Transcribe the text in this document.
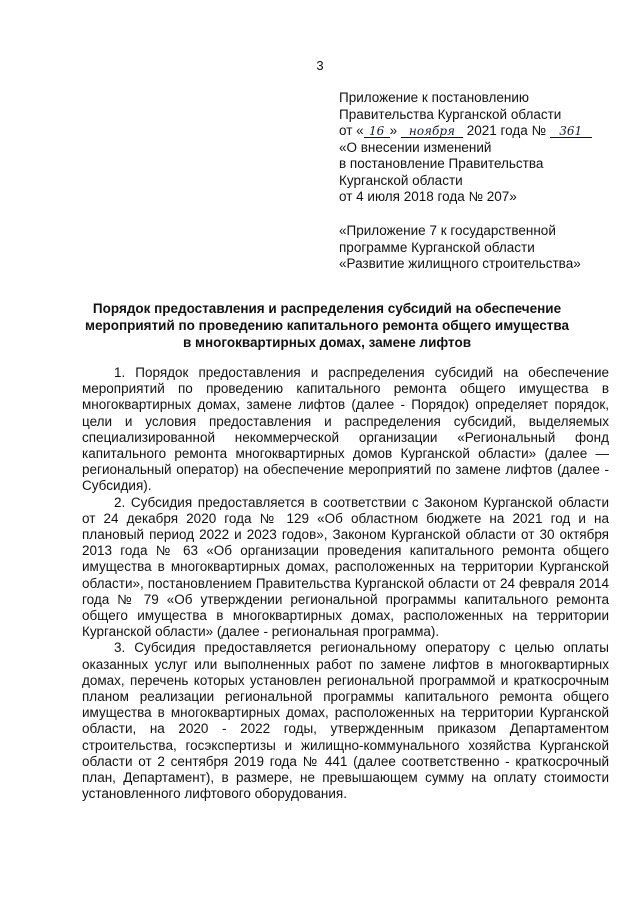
3
Приложение к постановлению
Правительства Курганской области
от « 16 » ноября 2021 года № 361
«О внесении изменений
в постановление Правительства
Курганской области
от 4 июля 2018 года № 207»
«Приложение 7 к государственной
программе Курганской области
«Развитие жилищного строительства»
Порядок предоставления и распределения субсидий на обеспечение мероприятий по проведению капитального ремонта общего имущества в многоквартирных домах, замене лифтов

1. Порядок предоставления и распределения субсидий на обеспечение мероприятий по проведению капитального ремонта общего имущества в многоквартирных домах, замене лифтов (далее - Порядок) определяет порядок, цели и условия предоставления и распределения субсидий, выделяемых специализированной некоммерческой организации «Региональный фонд капитального ремонта многоквартирных домов Курганской области» (далее — региональный оператор) на обеспечение мероприятий по замене лифтов (далее - Субсидия).

2. Субсидия предоставляется в соответствии с Законом Курганской области от 24 декабря 2020 года № 129 «Об областном бюджете на 2021 год и на плановый период 2022 и 2023 годов», Законом Курганской области от 30 октября 2013 года № 63 «Об организации проведения капитального ремонта общего имущества в многоквартирных домах, расположенных на территории Курганской области», постановлением Правительства Курганской области от 24 февраля 2014 года № 79 «Об утверждении региональной программы капитального ремонта общего имущества в многоквартирных домах, расположенных на территории Курганской области» (далее - региональная программа).

3. Субсидия предоставляется региональному оператору с целью оплаты оказанных услуг или выполненных работ по замене лифтов в многоквартирных домах, перечень которых установлен региональной программой и краткосрочным планом реализации региональной программы капитального ремонта общего имущества в многоквартирных домах, расположенных на территории Курганской области, на 2020 - 2022 годы, утвержденным приказом Департаментом строительства, госэкспертизы и жилищно-коммунального хозяйства Курганской области от 2 сентября 2019 года № 441 (далее соответственно - краткосрочный план, Департамент), в размере, не превышающем сумму на оплату стоимости установленного лифтового оборудования.
